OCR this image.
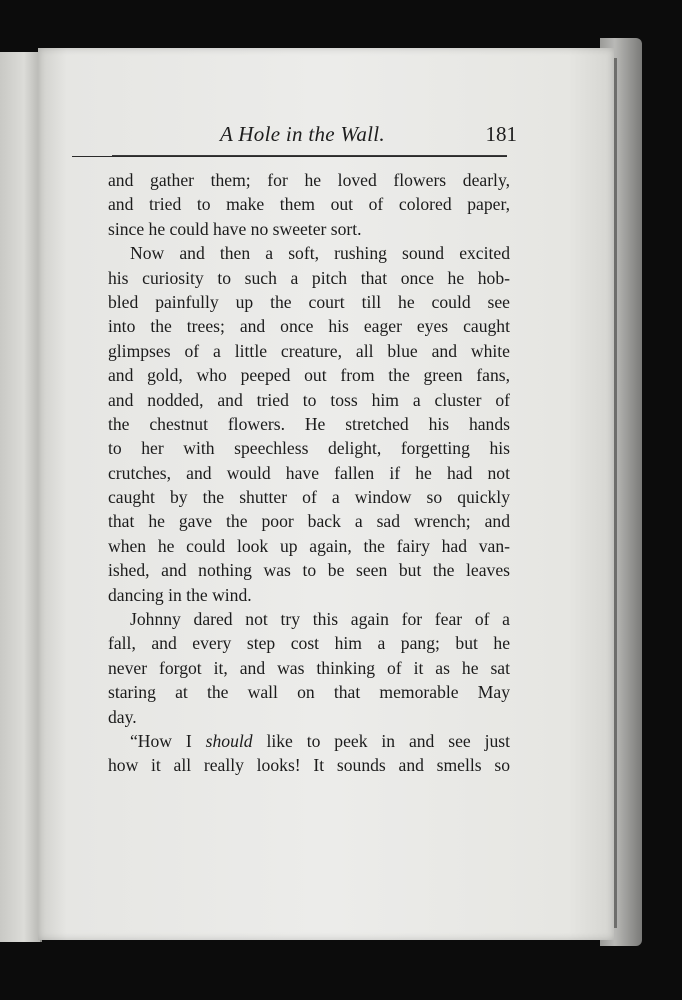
A Hole in the Wall.	181
and gather them; for he loved flowers dearly,
and tried to make them out of colored paper,
since he could have no sweeter sort.
Now and then a soft, rushing sound excited
his curiosity to such a pitch that once he hob-
bled painfully up the court till he could see
into the trees; and once his eager eyes caught
glimpses of a little creature, all blue and white
and gold, who peeped out from the green fans,
and nodded, and tried to toss him a cluster of
the chestnut flowers. He stretched his hands
to her with speechless delight, forgetting his
crutches, and would have fallen if he had not
caught by the shutter of a window so quickly
that he gave the poor back a sad wrench; and
when he could look up again, the fairy had van-
ished, and nothing was to be seen but the leaves
dancing in the wind.
Johnny dared not try this again for fear of a
fall, and every step cost him a pang; but he
never forgot it, and was thinking of it as he sat
staring at the wall on that memorable May
day.
“How I should like to peek in and see just
how it all really looks! It sounds and smells so
